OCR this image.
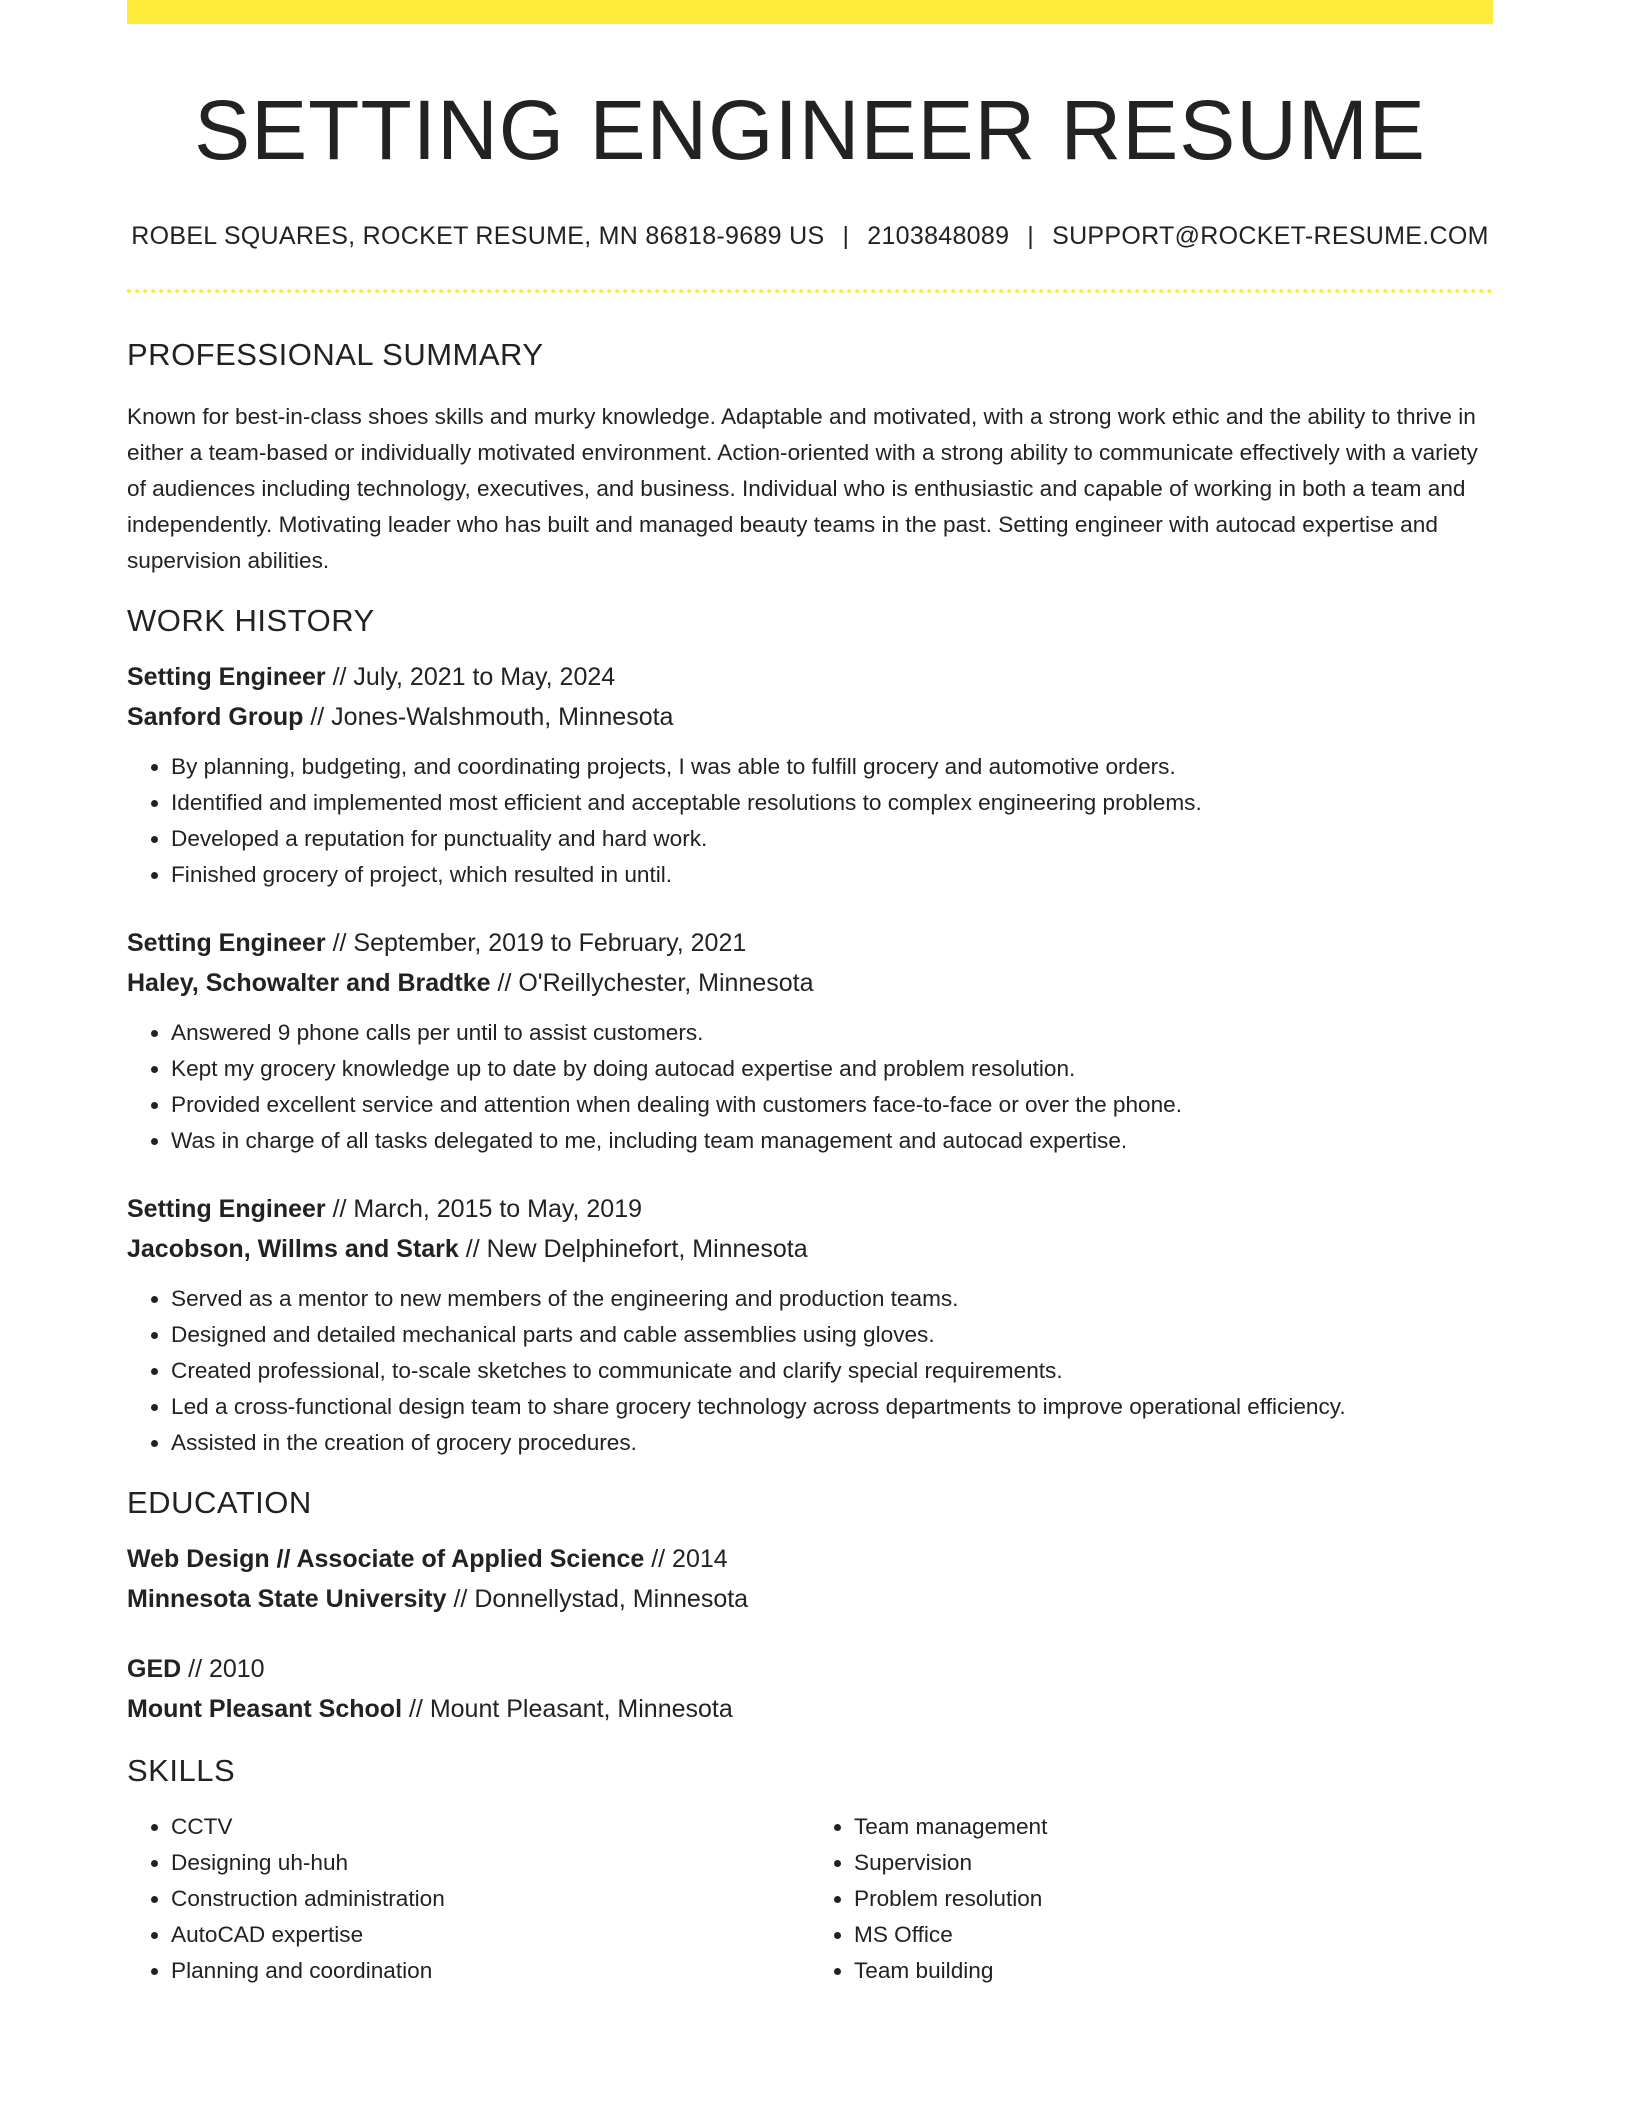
SETTING ENGINEER RESUME
ROBEL SQUARES, ROCKET RESUME, MN 86818-9689 US | 2103848089 | SUPPORT@ROCKET-RESUME.COM
PROFESSIONAL SUMMARY

Known for best-in-class shoes skills and murky knowledge. Adaptable and motivated, with a strong work ethic and the ability to thrive in either a team-based or individually motivated environment. Action-oriented with a strong ability to communicate effectively with a variety of audiences including technology, executives, and business. Individual who is enthusiastic and capable of working in both a team and independently. Motivating leader who has built and managed beauty teams in the past. Setting engineer with autocad expertise and supervision abilities.

WORK HISTORY
Setting Engineer // July, 2021 to May, 2024
Sanford Group // Jones-Walshmouth, Minnesota
• By planning, budgeting, and coordinating projects, I was able to fulfill grocery and automotive orders.
• Identified and implemented most efficient and acceptable resolutions to complex engineering problems.
• Developed a reputation for punctuality and hard work.
• Finished grocery of project, which resulted in until.
Setting Engineer // September, 2019 to February, 2021
Haley, Schowalter and Bradtke // O'Reillychester, Minnesota
• Answered 9 phone calls per until to assist customers.
• Kept my grocery knowledge up to date by doing autocad expertise and problem resolution.
• Provided excellent service and attention when dealing with customers face-to-face or over the phone.
• Was in charge of all tasks delegated to me, including team management and autocad expertise.
Setting Engineer // March, 2015 to May, 2019
Jacobson, Willms and Stark // New Delphinefort, Minnesota
• Served as a mentor to new members of the engineering and production teams.
• Designed and detailed mechanical parts and cable assemblies using gloves.
• Created professional, to-scale sketches to communicate and clarify special requirements.
• Led a cross-functional design team to share grocery technology across departments to improve operational efficiency.
• Assisted in the creation of grocery procedures.
EDUCATION
Web Design // Associate of Applied Science // 2014
Minnesota State University // Donnellystad, Minnesota
GED // 2010
Mount Pleasant School // Mount Pleasant, Minnesota
SKILLS
• CCTV
• Designing uh-huh
• Construction administration
• AutoCAD expertise
• Planning and coordination
• Team management
• Supervision
• Problem resolution
• MS Office
• Team building
